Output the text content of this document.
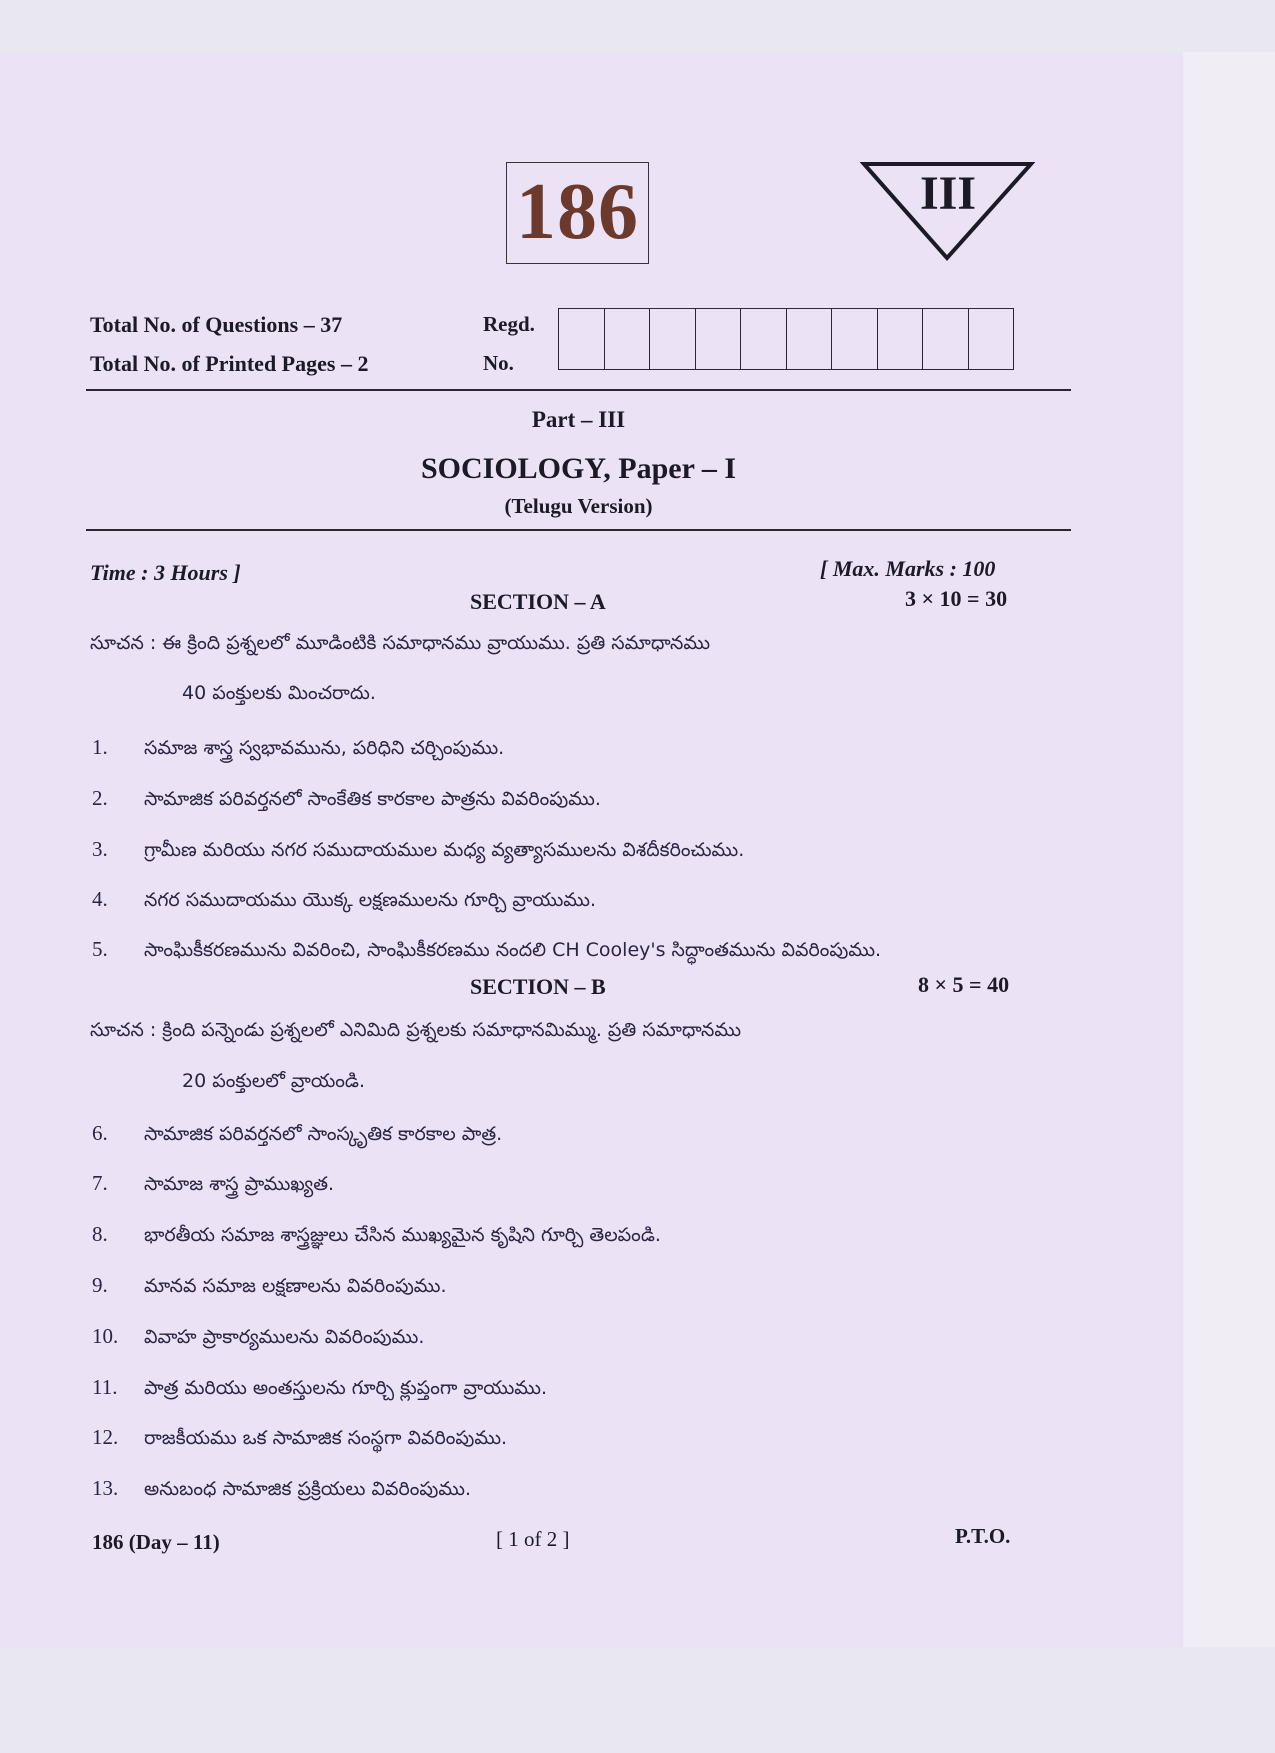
186	III
Total No. of Questions – 37
Total No. of Printed Pages – 2
Regd.
No.
Part – III
SOCIOLOGY, Paper – I
(Telugu Version)
Time : 3 Hours ]	[ Max. Marks : 100
SECTION – A	3 × 10 = 30
సూచన : ఈ క్రింది ప్రశ్నలలో మూడింటికి సమాధానము వ్రాయుము. ప్రతి సమాధానము
40 పంక్తులకు మించరాదు.
1. సమాజ శాస్త్ర స్వభావమును, పరిధిని చర్చింపుము.
2. సామాజిక పరివర్తనలో సాంకేతిక కారకాల పాత్రను వివరింపుము.
3. గ్రామీణ మరియు నగర సముదాయముల మధ్య వ్యత్యాసములను విశదీకరించుము.
4. నగర సముదాయము యొక్క లక్షణములను గూర్చి వ్రాయుము.
5. సాంఘికీకరణమును వివరించి, సాంఘికీకరణము నందలి CH Cooley's సిద్ధాంతమును వివరింపుము.
SECTION – B	8 × 5 = 40
సూచన : క్రింది పన్నెండు ప్రశ్నలలో ఎనిమిది ప్రశ్నలకు సమాధానమిమ్ము. ప్రతి సమాధానము
20 పంక్తులలో వ్రాయండి.
6. సామాజిక పరివర్తనలో సాంస్కృతిక కారకాల పాత్ర.
7. సామాజ శాస్త్ర ప్రాముఖ్యత.
8. భారతీయ సమాజ శాస్త్రజ్ఞులు చేసిన ముఖ్యమైన కృషిని గూర్చి తెలపండి.
9. మానవ సమాజ లక్షణాలను వివరింపుము.
10. వివాహ ప్రాకార్యములను వివరింపుము.
11. పాత్ర మరియు అంతస్తులను గూర్చి క్లుప్తంగా వ్రాయుము.
12. రాజకీయము ఒక సామాజిక సంస్థగా వివరింపుము.
13. అనుబంధ సామాజిక ప్రక్రియలు వివరింపుము.
186 (Day – 11)	[ 1 of 2 ]	P.T.O.
